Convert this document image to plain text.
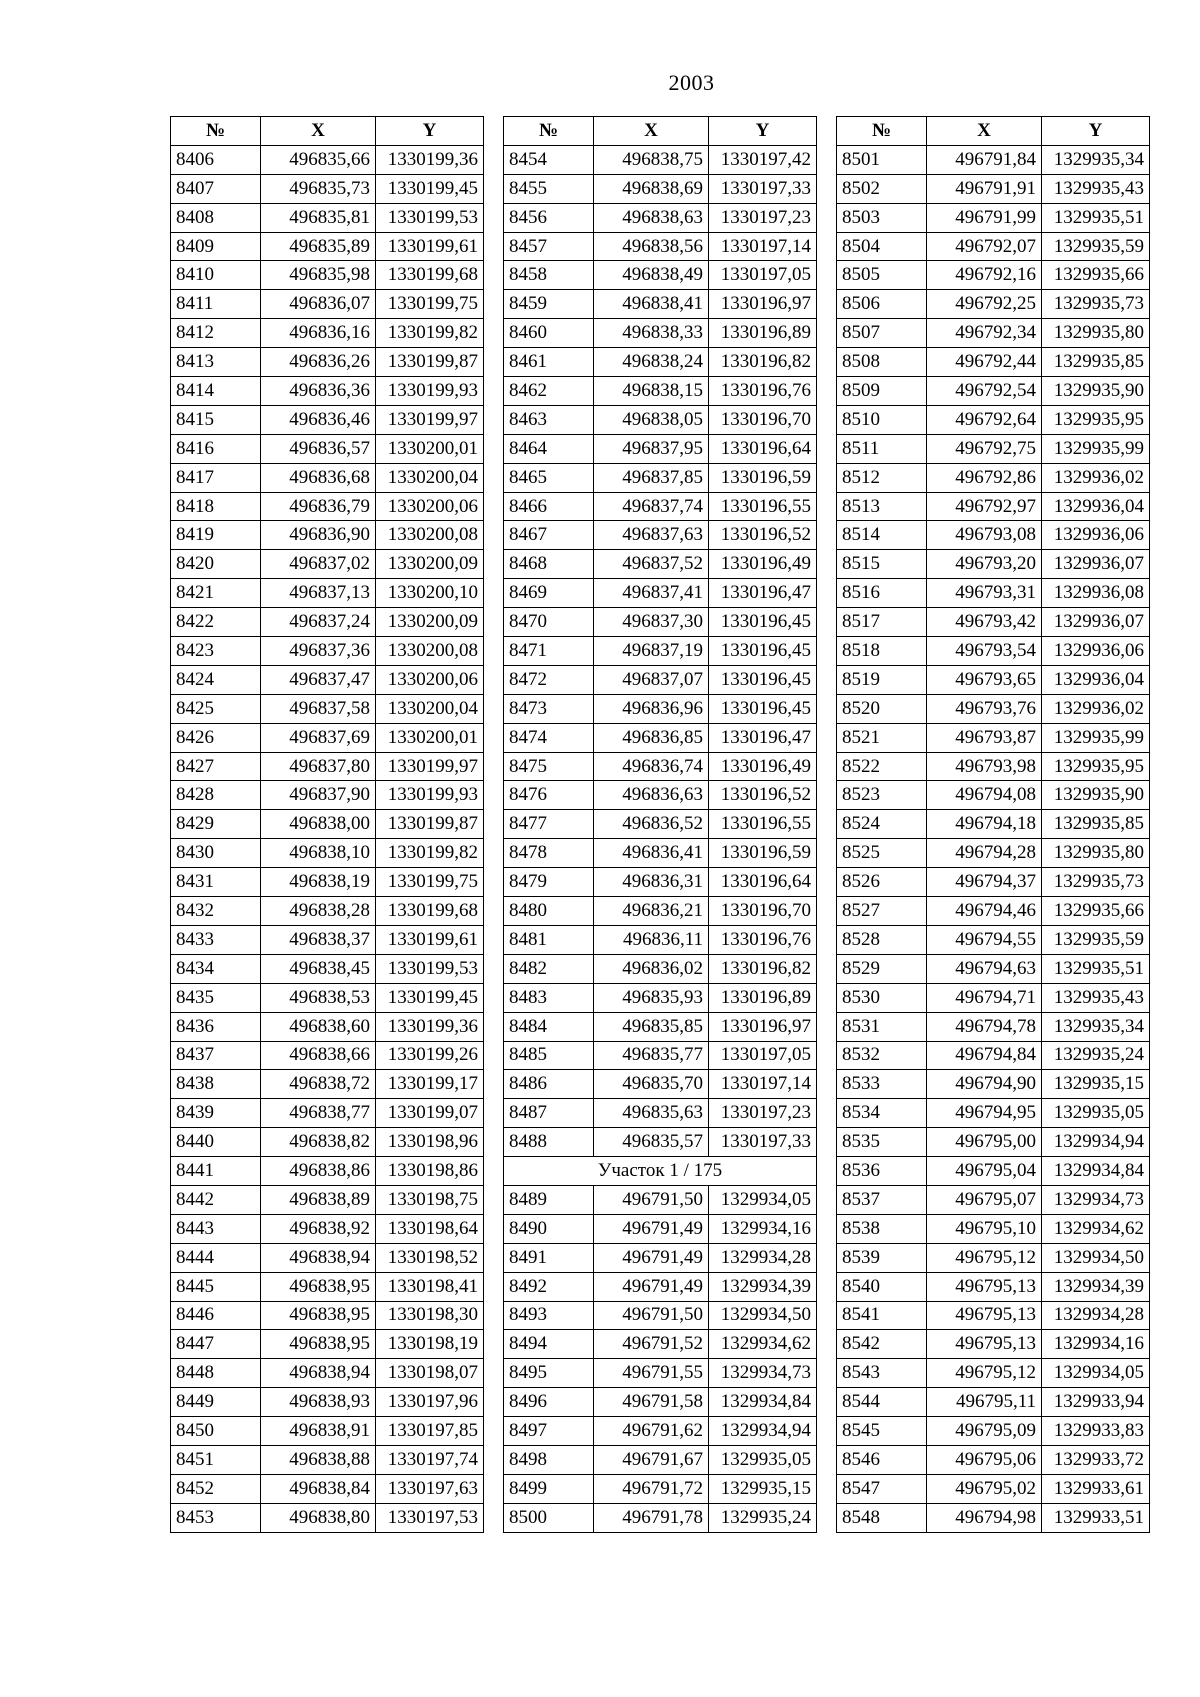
2003
№	X	Y
8406	496835,66	1330199,36
8407	496835,73	1330199,45
8408	496835,81	1330199,53
8409	496835,89	1330199,61
8410	496835,98	1330199,68
8411	496836,07	1330199,75
8412	496836,16	1330199,82
8413	496836,26	1330199,87
8414	496836,36	1330199,93
8415	496836,46	1330199,97
8416	496836,57	1330200,01
8417	496836,68	1330200,04
8418	496836,79	1330200,06
8419	496836,90	1330200,08
8420	496837,02	1330200,09
8421	496837,13	1330200,10
8422	496837,24	1330200,09
8423	496837,36	1330200,08
8424	496837,47	1330200,06
8425	496837,58	1330200,04
8426	496837,69	1330200,01
8427	496837,80	1330199,97
8428	496837,90	1330199,93
8429	496838,00	1330199,87
8430	496838,10	1330199,82
8431	496838,19	1330199,75
8432	496838,28	1330199,68
8433	496838,37	1330199,61
8434	496838,45	1330199,53
8435	496838,53	1330199,45
8436	496838,60	1330199,36
8437	496838,66	1330199,26
8438	496838,72	1330199,17
8439	496838,77	1330199,07
8440	496838,82	1330198,96
8441	496838,86	1330198,86
8442	496838,89	1330198,75
8443	496838,92	1330198,64
8444	496838,94	1330198,52
8445	496838,95	1330198,41
8446	496838,95	1330198,30
8447	496838,95	1330198,19
8448	496838,94	1330198,07
8449	496838,93	1330197,96
8450	496838,91	1330197,85
8451	496838,88	1330197,74
8452	496838,84	1330197,63
8453	496838,80	1330197,53
№	X	Y
8454	496838,75	1330197,42
8455	496838,69	1330197,33
8456	496838,63	1330197,23
8457	496838,56	1330197,14
8458	496838,49	1330197,05
8459	496838,41	1330196,97
8460	496838,33	1330196,89
8461	496838,24	1330196,82
8462	496838,15	1330196,76
8463	496838,05	1330196,70
8464	496837,95	1330196,64
8465	496837,85	1330196,59
8466	496837,74	1330196,55
8467	496837,63	1330196,52
8468	496837,52	1330196,49
8469	496837,41	1330196,47
8470	496837,30	1330196,45
8471	496837,19	1330196,45
8472	496837,07	1330196,45
8473	496836,96	1330196,45
8474	496836,85	1330196,47
8475	496836,74	1330196,49
8476	496836,63	1330196,52
8477	496836,52	1330196,55
8478	496836,41	1330196,59
8479	496836,31	1330196,64
8480	496836,21	1330196,70
8481	496836,11	1330196,76
8482	496836,02	1330196,82
8483	496835,93	1330196,89
8484	496835,85	1330196,97
8485	496835,77	1330197,05
8486	496835,70	1330197,14
8487	496835,63	1330197,23
8488	496835,57	1330197,33
Участок 1 / 175		
8489	496791,50	1329934,05
8490	496791,49	1329934,16
8491	496791,49	1329934,28
8492	496791,49	1329934,39
8493	496791,50	1329934,50
8494	496791,52	1329934,62
8495	496791,55	1329934,73
8496	496791,58	1329934,84
8497	496791,62	1329934,94
8498	496791,67	1329935,05
8499	496791,72	1329935,15
8500	496791,78	1329935,24
№	X	Y
8501	496791,84	1329935,34
8502	496791,91	1329935,43
8503	496791,99	1329935,51
8504	496792,07	1329935,59
8505	496792,16	1329935,66
8506	496792,25	1329935,73
8507	496792,34	1329935,80
8508	496792,44	1329935,85
8509	496792,54	1329935,90
8510	496792,64	1329935,95
8511	496792,75	1329935,99
8512	496792,86	1329936,02
8513	496792,97	1329936,04
8514	496793,08	1329936,06
8515	496793,20	1329936,07
8516	496793,31	1329936,08
8517	496793,42	1329936,07
8518	496793,54	1329936,06
8519	496793,65	1329936,04
8520	496793,76	1329936,02
8521	496793,87	1329935,99
8522	496793,98	1329935,95
8523	496794,08	1329935,90
8524	496794,18	1329935,85
8525	496794,28	1329935,80
8526	496794,37	1329935,73
8527	496794,46	1329935,66
8528	496794,55	1329935,59
8529	496794,63	1329935,51
8530	496794,71	1329935,43
8531	496794,78	1329935,34
8532	496794,84	1329935,24
8533	496794,90	1329935,15
8534	496794,95	1329935,05
8535	496795,00	1329934,94
8536	496795,04	1329934,84
8537	496795,07	1329934,73
8538	496795,10	1329934,62
8539	496795,12	1329934,50
8540	496795,13	1329934,39
8541	496795,13	1329934,28
8542	496795,13	1329934,16
8543	496795,12	1329934,05
8544	496795,11	1329933,94
8545	496795,09	1329933,83
8546	496795,06	1329933,72
8547	496795,02	1329933,61
8548	496794,98	1329933,51
